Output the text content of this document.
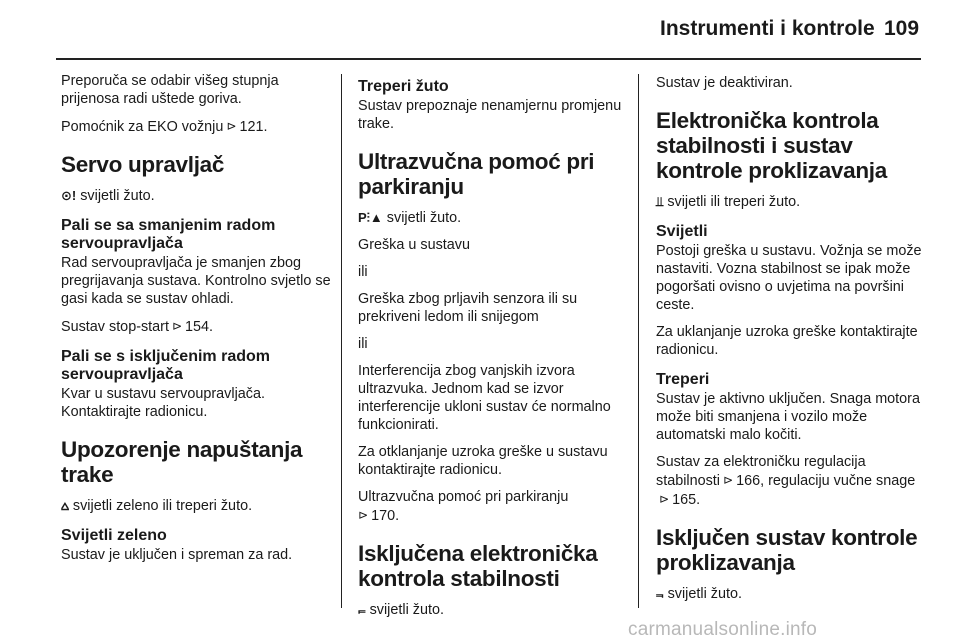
Instrumenti i kontrole 109

Preporuča se odabir višeg stupnja prijenosa radi uštede goriva.

Pomoćnik za EKO vožnju ⊳ 121.

Servo upravljač

⊙! svijetli žuto.

Pali se sa smanjenim radom servoupravljača

Rad servoupravljača je smanjen zbog pregrijavanja sustava. Kontrolno svjetlo se gasi kada se sustav ohladi.

Sustav stop-start ⊳ 154.

Pali se s isključenim radom servoupravljača

Kvar u sustavu servoupravljača. Kontaktirajte radionicu.

Upozorenje napuštanja trake

⩟ svijetli zeleno ili treperi žuto.

Svijetli zeleno

Sustav je uključen i spreman za rad.

Treperi žuto

Sustav prepoznaje nenamjernu promjenu trake.

Ultrazvučna pomoć pri parkiranju

P⫶▲ svijetli žuto.

Greška u sustavu

ili

Greška zbog prljavih senzora ili su prekriveni ledom ili snijegom

ili

Interferencija zbog vanjskih izvora ultrazvuka. Jednom kad se izvor interferencije ukloni sustav će normalno funkcionirati.

Za otklanjanje uzroka greške u sustavu kontaktirajte radionicu.

Ultrazvučna pomoć pri parkiranju
⊳ 170.

Isključena elektronička kontrola stabilnosti

⫭ svijetli žuto.

Sustav je deaktiviran.

Elektronička kontrola stabilnosti i sustav kontrole proklizavanja

⫫ svijetli ili treperi žuto.

Svijetli

Postoji greška u sustavu. Vožnja se može nastaviti. Vozna stabilnost se ipak može pogoršati ovisno o uvjetima na površini ceste.

Za uklanjanje uzroka greške kontaktirajte radionicu.

Treperi

Sustav je aktivno uključen. Snaga motora može biti smanjena i vozilo može automatski malo kočiti.

Sustav za elektroničku regulacija stabilnosti ⊳ 166, regulaciju vučne snage⊳ 165.

Isključen sustav kontrole proklizavanja

⫬ svijetli žuto.

carmanualsonline.info
